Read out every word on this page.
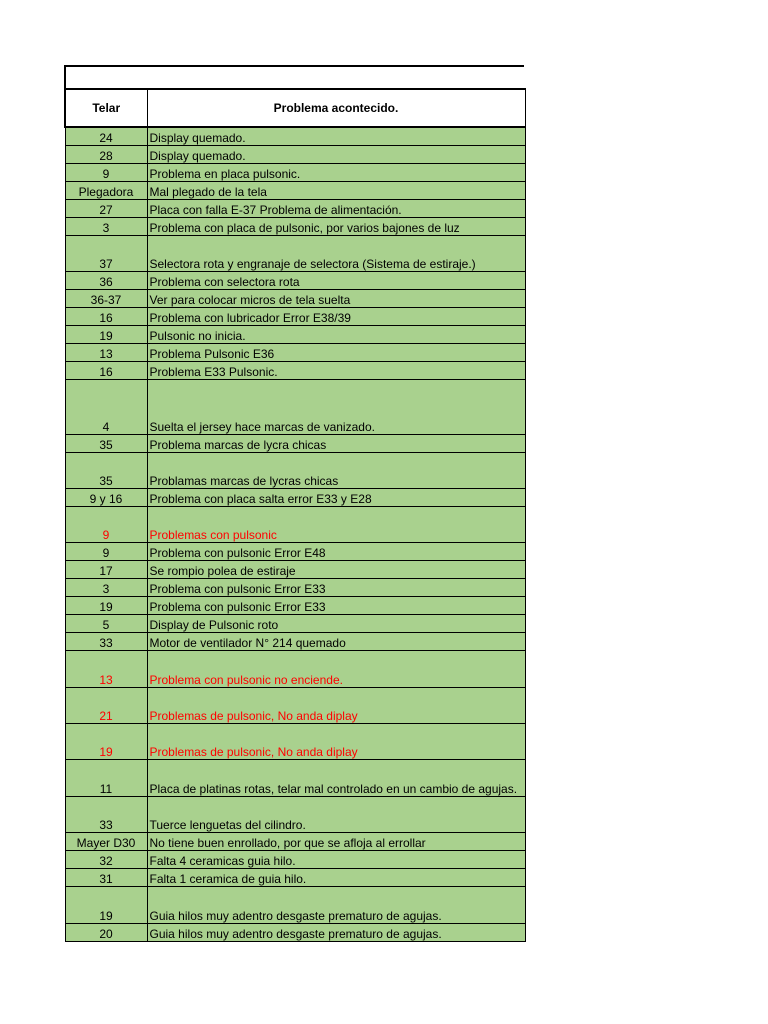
Telar	Problema acontecido.
24	Display quemado.
28	Display quemado.
9	Problema en placa pulsonic.
Plegadora	Mal plegado de la tela
27	Placa con falla E-37 Problema de alimentación.
3	Problema con placa de pulsonic, por varios bajones de luz
37	Selectora rota y engranaje de selectora (Sistema de estiraje.)
36	Problema con selectora rota
36-37	Ver para colocar micros de tela suelta
16	Problema con lubricador Error E38/39
19	Pulsonic no inicia.
13	Problema Pulsonic E36
16	Problema E33 Pulsonic.
4	Suelta el jersey hace marcas de vanizado.
35	Problema marcas de lycra chicas
35	Problamas marcas de lycras chicas
9 y 16	Problema con placa salta error E33 y E28
9	Problemas con pulsonic
9	Problema con pulsonic Error E48
17	Se rompio polea de estiraje
3	Problema con pulsonic Error E33
19	Problema con pulsonic Error E33
5	Display de Pulsonic roto
33	Motor de ventilador N° 214 quemado
13	Problema con pulsonic no enciende.
21	Problemas de pulsonic, No anda diplay
19	Problemas de pulsonic, No anda diplay
11	Placa de platinas rotas, telar mal controlado en un cambio de agujas.
33	Tuerce lenguetas del cilindro.
Mayer D30	No tiene buen enrollado, por que se afloja al errollar
32	Falta 4 ceramicas guia hilo.
31	Falta 1 ceramica de guia hilo.
19	Guia hilos muy adentro desgaste prematuro de agujas.
20	Guia hilos muy adentro desgaste prematuro de agujas.
